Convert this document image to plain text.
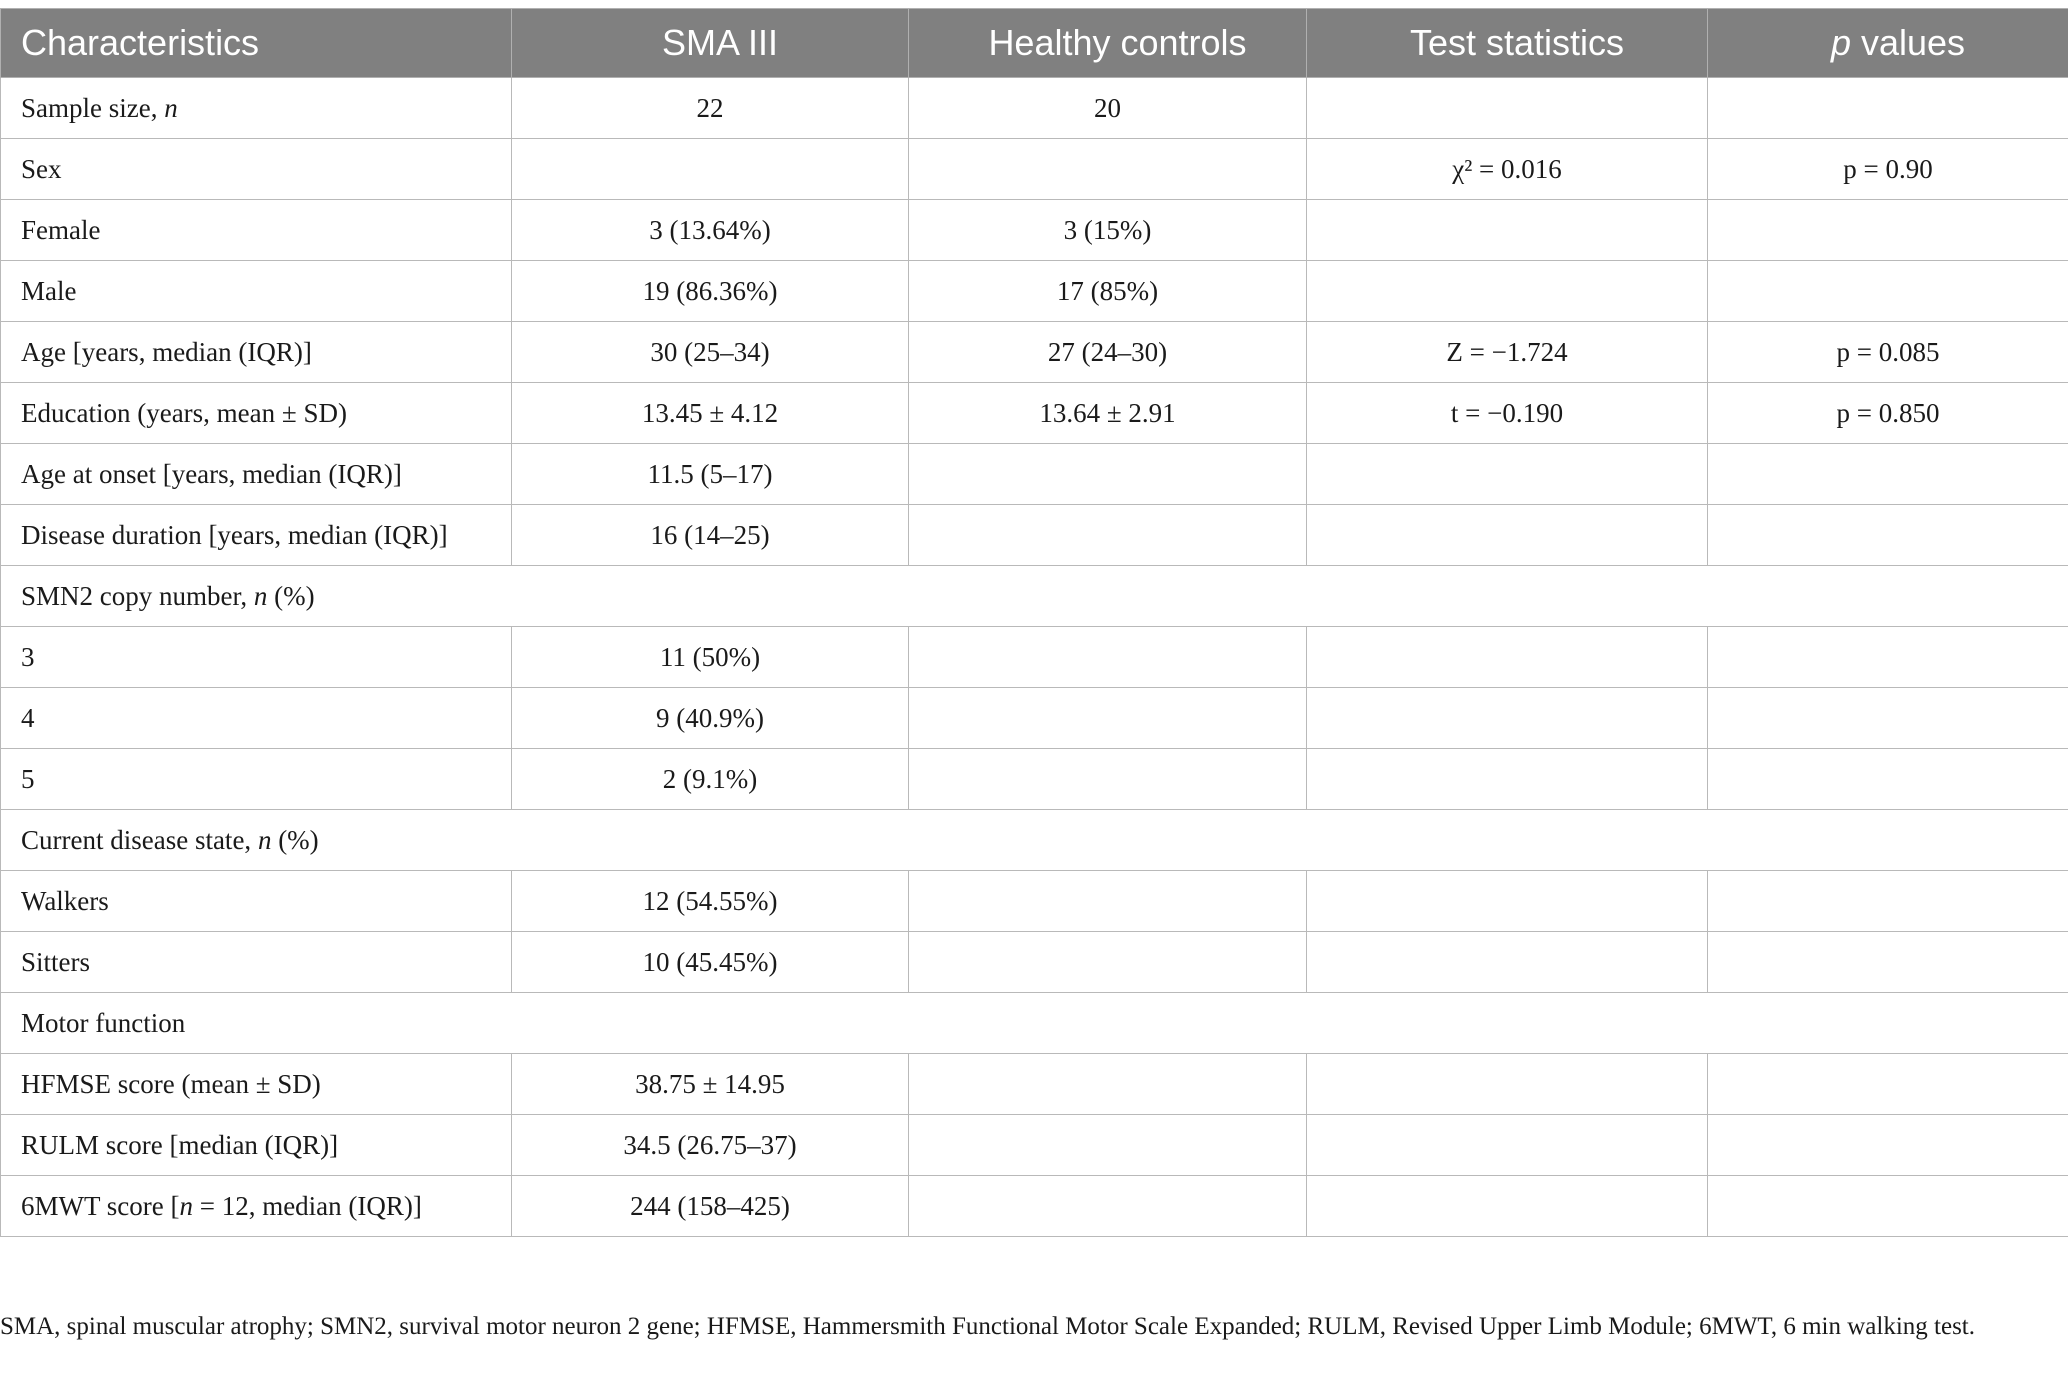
Characteristics	SMA III	Healthy controls	Test statistics	p values
Sample size, n	22	20		
Sex			χ² = 0.016	p = 0.90
Female	3 (13.64%)	3 (15%)		
Male	19 (86.36%)	17 (85%)		
Age [years, median (IQR)]	30 (25–34)	27 (24–30)	Z = −1.724	p = 0.085
Education (years, mean ± SD)	13.45 ± 4.12	13.64 ± 2.91	t = −0.190	p = 0.850
Age at onset [years, median (IQR)]	11.5 (5–17)			
Disease duration [years, median (IQR)]	16 (14–25)			
SMN2 copy number, n (%)				
3	11 (50%)			
4	9 (40.9%)			
5	2 (9.1%)			
Current disease state, n (%)				
Walkers	12 (54.55%)			
Sitters	10 (45.45%)			
Motor function				
HFMSE score (mean ± SD)	38.75 ± 14.95			
RULM score [median (IQR)]	34.5 (26.75–37)			
6MWT score [n = 12, median (IQR)]	244 (158–425)			
SMA, spinal muscular atrophy; SMN2, survival motor neuron 2 gene; HFMSE, Hammersmith Functional Motor Scale Expanded; RULM, Revised Upper Limb Module; 6MWT, 6 min walking test.
